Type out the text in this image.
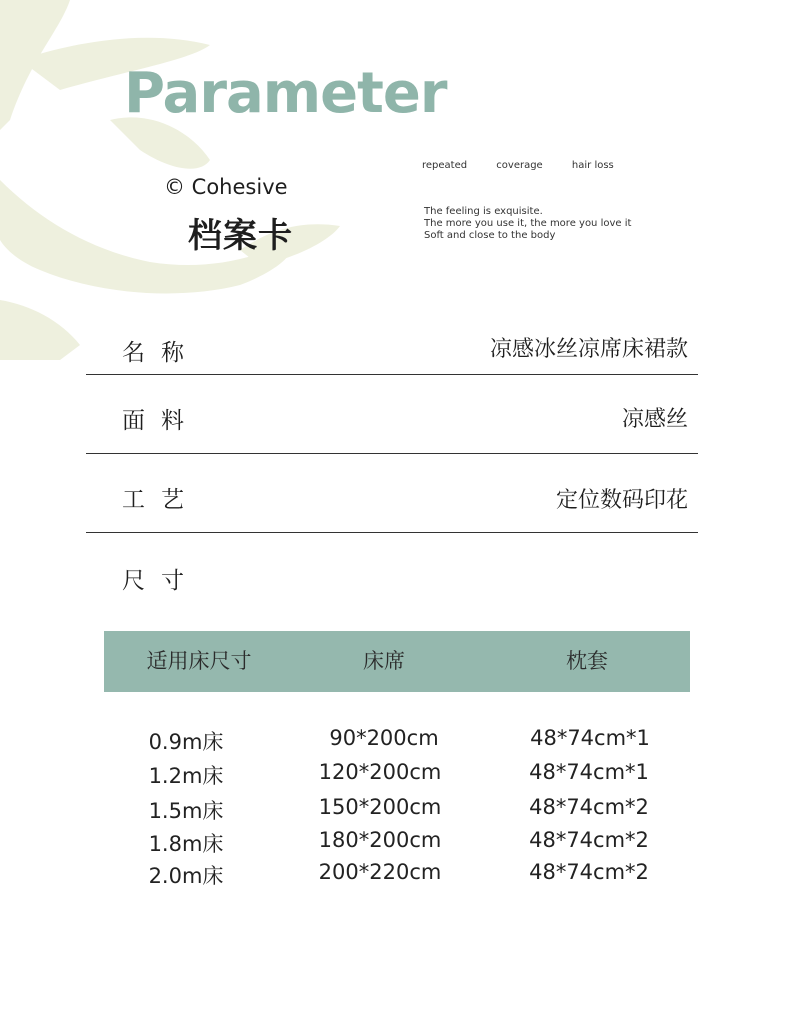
Parameter
© Cohesive
档案卡
repeated	coverage	hair loss
The feeling is exquisite.
The more you use it, the more you love it
Soft and close to the body
名称	凉感冰丝凉席床裙款
面料	凉感丝
工艺	定位数码印花
尺寸
适用床尺寸	床席	枕套
0.9m床	90*200cm	48*74cm*1
1.2m床	120*200cm	48*74cm*1
1.5m床	150*200cm	48*74cm*2
1.8m床	180*200cm	48*74cm*2
2.0m床	200*220cm	48*74cm*2
